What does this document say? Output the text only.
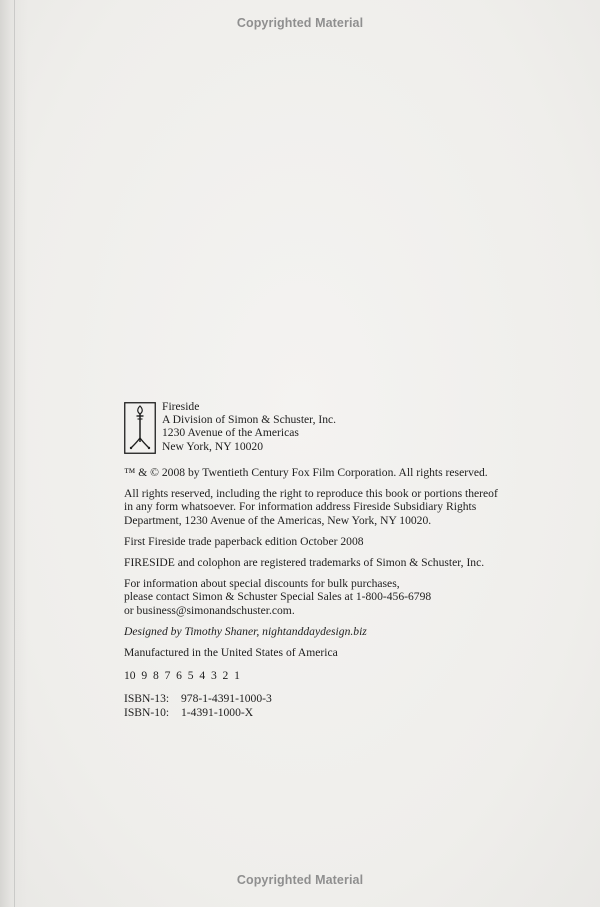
Copyrighted Material
Fireside
A Division of Simon & Schuster, Inc.
1230 Avenue of the Americas
New York, NY 10020
™ & © 2008 by Twentieth Century Fox Film Corporation. All rights reserved.
All rights reserved, including the right to reproduce this book or portions thereof
in any form whatsoever. For information address Fireside Subsidiary Rights
Department, 1230 Avenue of the Americas, New York, NY 10020.
First Fireside trade paperback edition October 2008
FIRESIDE and colophon are registered trademarks of Simon & Schuster, Inc.
For information about special discounts for bulk purchases,
please contact Simon & Schuster Special Sales at 1-800-456-6798
or business@simonandschuster.com.
Designed by Timothy Shaner, nightanddaydesign.biz
Manufactured in the United States of America
10  9  8  7  6  5  4  3  2  1
ISBN-13: 978-1-4391-1000-3
ISBN-10: 1-4391-1000-X
Copyrighted Material
